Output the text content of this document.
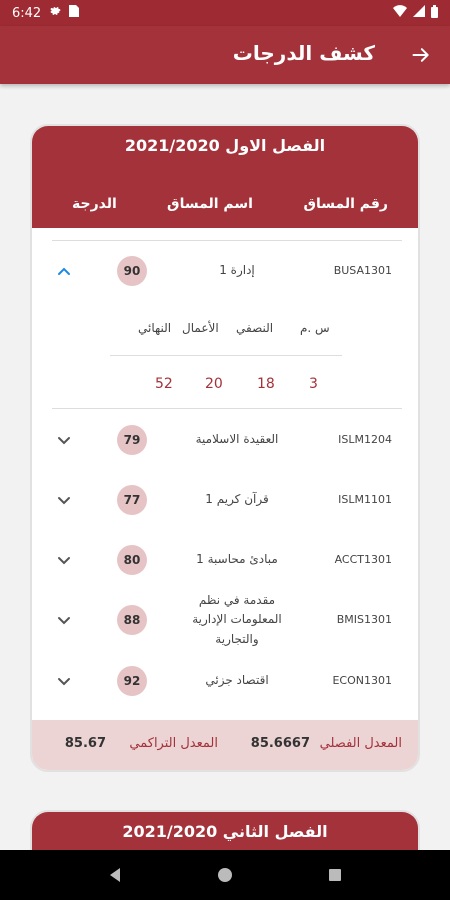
6:42
كشف الدرجات
الفصل الاول 2021/2020
رقم المساق
اسم المساق
الدرجة
BUSA1301
إدارة 1
90
س .م
النصفي
الأعمال
النهائي
3
18
20
52
ISLM1204
العقيدة الاسلامية
79
ISLM1101
قرآن كريم 1
77
ACCT1301
مبادئ محاسبة 1
80
BMIS1301
مقدمة في نظم المعلومات الإدارية والتجارية
88
ECON1301
اقتصاد جزئي
92
المعدل الفصلي
85.6667
المعدل التراكمي
85.67
الفصل الثاني 2021/2020
